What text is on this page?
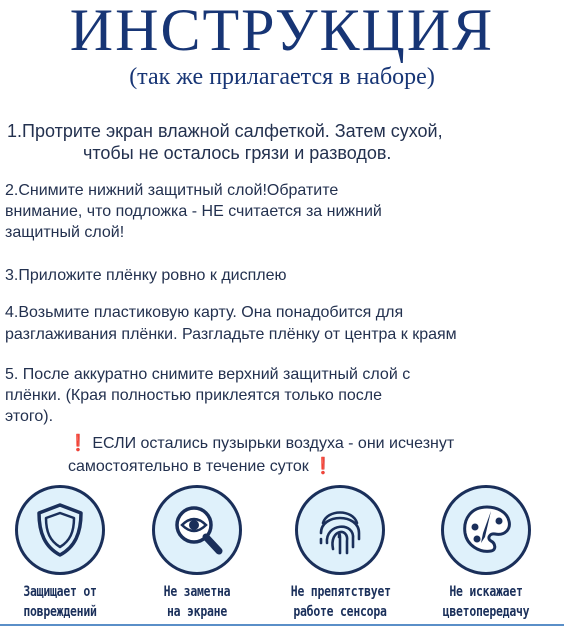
ИНСТРУКЦИЯ
(так же прилагается в наборе)
1.Протрите экран влажной салфеткой. Затем сухой,
чтобы не осталось грязи и разводов.
2.Снимите нижний защитный слой!Обратите
внимание, что подложка - НЕ считается за нижний
защитный слой!
3.Приложите плёнку ровно к дисплею
4.Возьмите пластиковую карту. Она понадобится для
разглаживания плёнки. Разгладьте плёнку от центра к краям
5. После аккуратно снимите верхний защитный слой с
плёнки. (Края полностью приклеятся только после
этого).
❗ ЕСЛИ остались пузырьки воздуха - они исчезнут
самостоятельно в течение суток ❗
Защищает от
повреждений
Не заметна
на экране
Не препятствует
работе сенсора
Не искажает
цветопередачу
